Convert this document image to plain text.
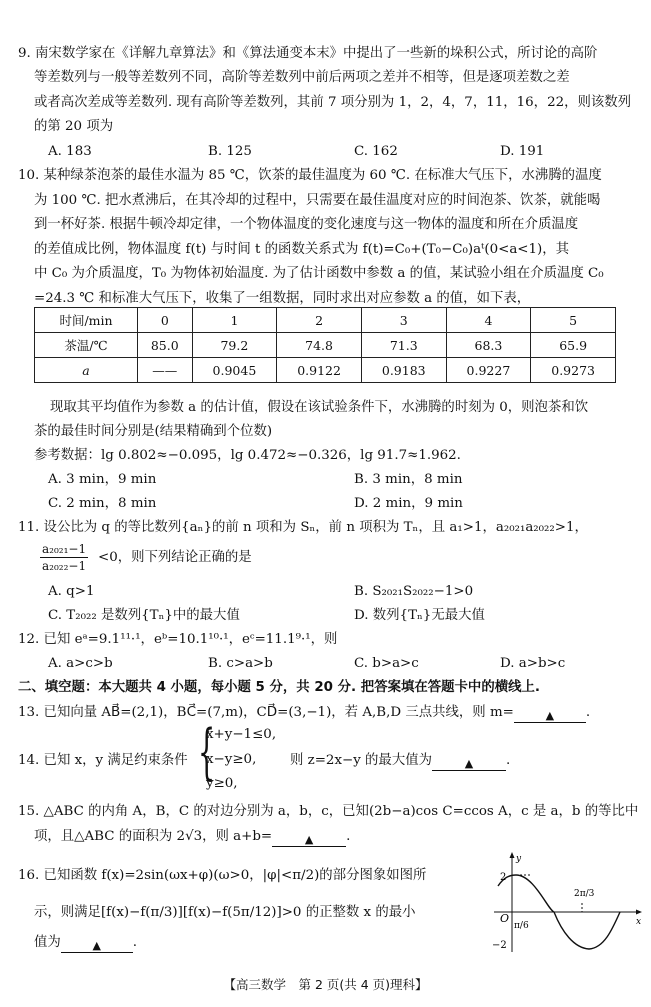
9. 南宋数学家在《详解九章算法》和《算法通变本末》中提出了一些新的垛积公式，所讨论的高阶
等差数列与一般等差数列不同，高阶等差数列中前后两项之差并不相等，但是逐项差数之差
或者高次差成等差数列. 现有高阶等差数列，其前 7 项分别为 1，2，4，7，11，16，22，则该数列
的第 20 项为
A. 183	B. 125	C. 162	D. 191
10. 某种绿茶泡茶的最佳水温为 85 ℃，饮茶的最佳温度为 60 ℃. 在标准大气压下，水沸腾的温度
为 100 ℃. 把水煮沸后，在其冷却的过程中，只需要在最佳温度对应的时间泡茶、饮茶，就能喝
到一杯好茶. 根据牛顿冷却定律，一个物体温度的变化速度与这一物体的温度和所在介质温度
的差值成比例，物体温度 f(t) 与时间 t 的函数关系式为 f(t)=C₀+(T₀−C₀)aᵗ(0<a<1)，其
中 C₀ 为介质温度，T₀ 为物体初始温度. 为了估计函数中参数 a 的值，某试验小组在介质温度 C₀
=24.3 ℃ 和标准大气压下，收集了一组数据，同时求出对应参数 a 的值，如下表，
时间/min	0	1	2	3	4	5
茶温/℃	85.0	79.2	74.8	71.3	68.3	65.9
a	——	0.9045	0.9122	0.9183	0.9227	0.9273
现取其平均值作为参数 a 的估计值，假设在该试验条件下，水沸腾的时刻为 0，则泡茶和饮
茶的最佳时间分别是(结果精确到个位数)
参考数据：lg 0.802≈−0.095，lg 0.472≈−0.326，lg 91.7≈1.962.
A. 3 min，9 min	B. 3 min，8 min
C. 2 min，8 min	D. 2 min，9 min
11. 设公比为 q 的等比数列{aₙ}的前 n 项和为 Sₙ，前 n 项积为 Tₙ，且 a₁>1，a₂₀₂₁a₂₀₂₂>1，
$\frac{\text{a₂₀₂₁−1}}{\text{a₂₀₂₂−1}} <0$，则下列结论正确的是
A. q>1	B. S₂₀₂₁S₂₀₂₂−1>0
C. T₂₀₂₂ 是数列{Tₙ}中的最大值	D. 数列{Tₙ}无最大值
12. 已知 eᵃ=9.1¹¹·¹，eᵇ=10.1¹⁰·¹，eᶜ=11.1⁹·¹，则
A. a>c>b	B. c>a>b	C. b>a>c	D. a>b>c
二、填空题：本大题共 4 小题，每小题 5 分，共 20 分. 把答案填在答题卡中的横线上.
13. 已知向量 AB⃗=(2,1)，BC⃗=(7,m)，CD⃗=(3,−1)，若 A,B,D 三点共线，则 m=	▲ .
14. 已知 x，y 满足约束条件 {
x+y−1≤0,
x−y≥0,
y≥0,
则 z=2x−y 的最大值为	▲ .
15. △ABC 的内角 A，B，C 的对边分别为 a，b，c，已知(2b−a)cos C=ccos A，c 是 a，b 的等比中
项，且△ABC 的面积为 2√3，则 a+b=	▲ .
16. 已知函数 f(x)=2sin(ωx+φ)(ω>0，|φ|<π/2)的部分图象如图所
示，则满足[f(x)−f(π/3)][f(x)−f(5π/12)]>0 的正整数 x 的最小
值为	▲ .
y
x
O
2
−2
π/6
2π/3
【高三数学　第 2 页(共 4 页)理科】
